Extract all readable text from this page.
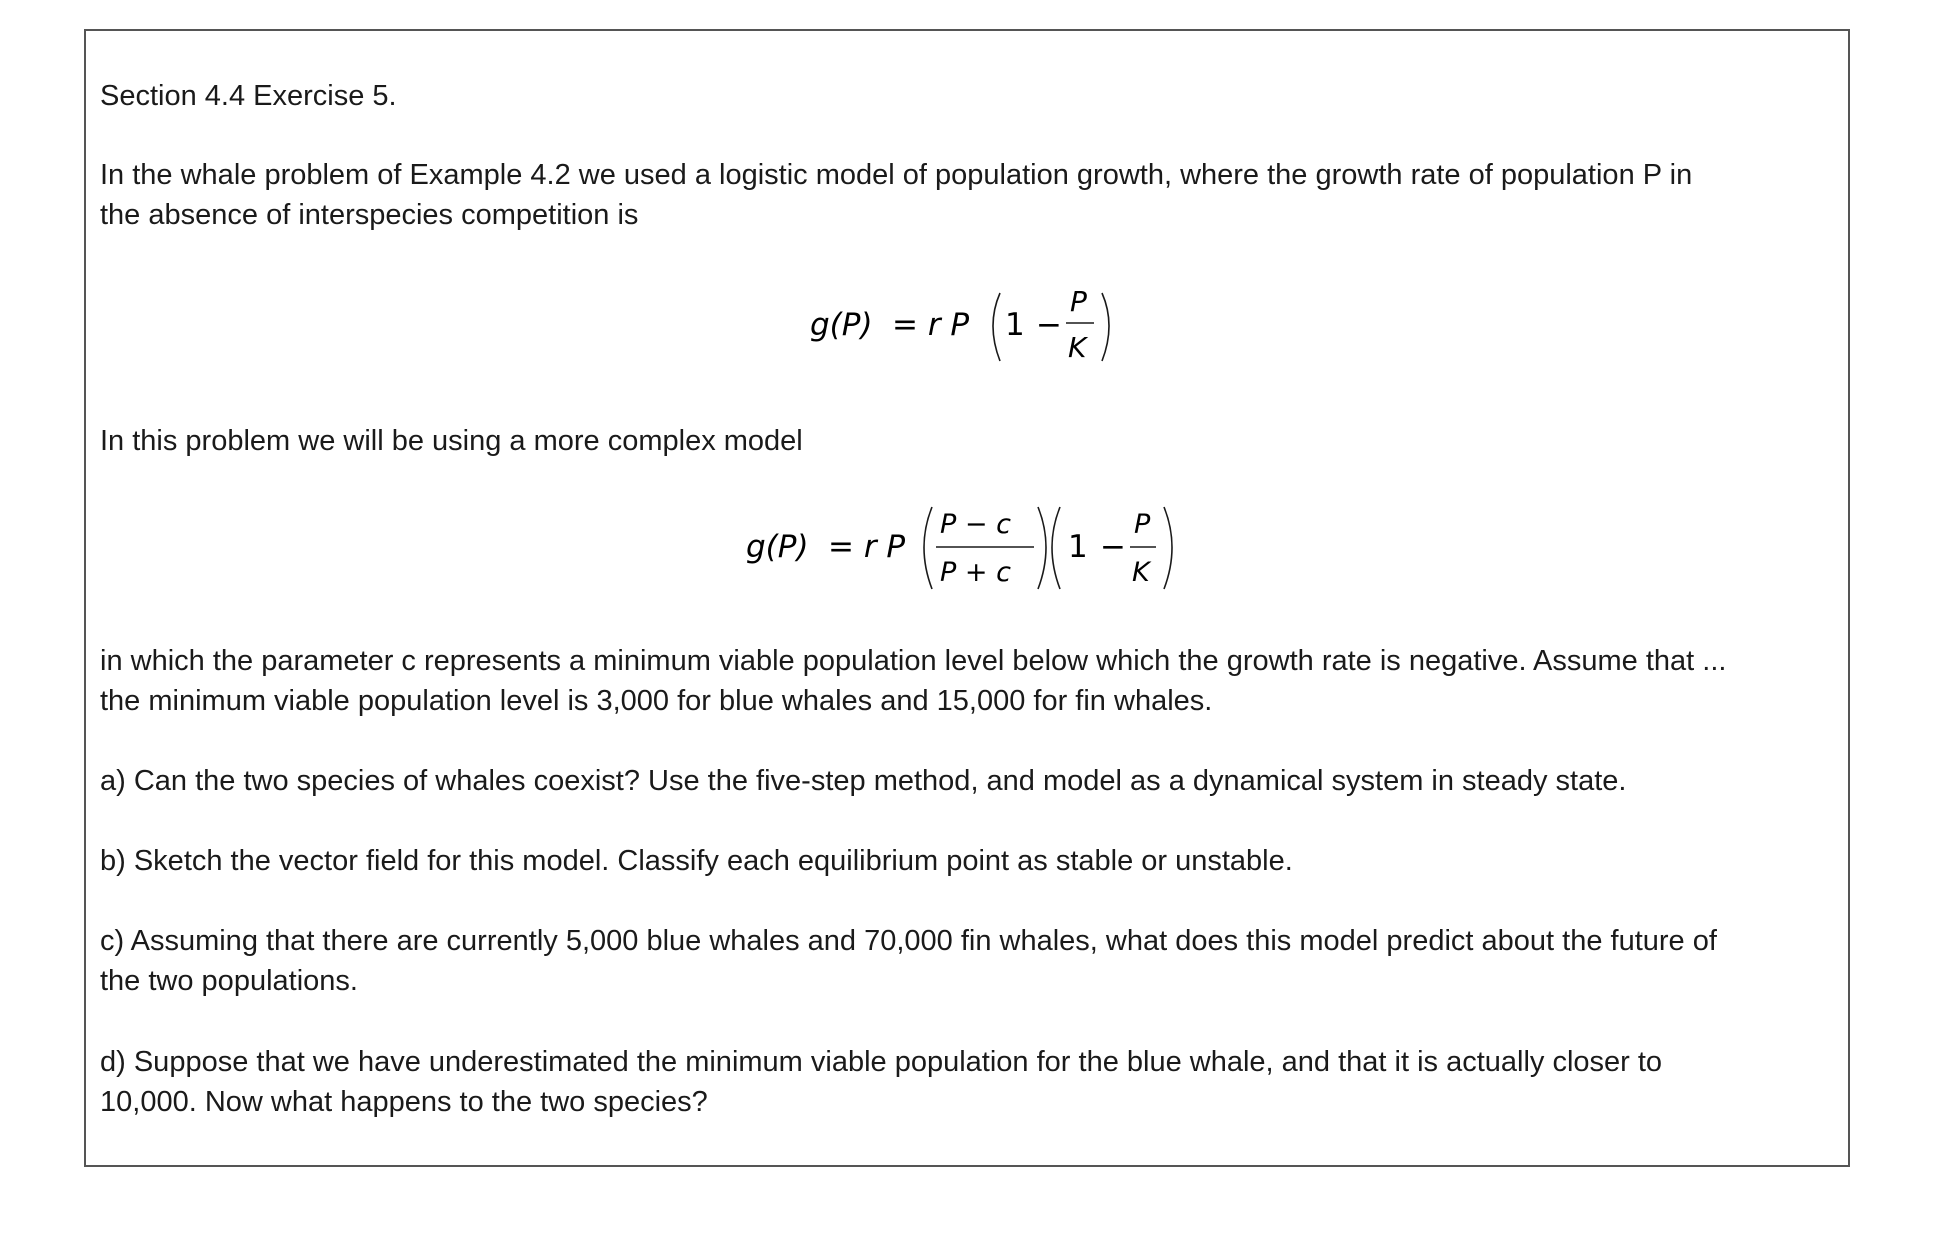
Section 4.4 Exercise 5.
In the whale problem of Example 4.2 we used a logistic model of population growth, where the growth rate of population P in
the absence of interspecies competition is
g(P) = r P 1 −
P
K
In this problem we will be using a more complex model
g(P) = r P
P − c
P + c
1 −
P
K
in which the parameter c represents a minimum viable population level below which the growth rate is negative. Assume that ...
the minimum viable population level is 3,000 for blue whales and 15,000 for fin whales.
a) Can the two species of whales coexist? Use the five-step method, and model as a dynamical system in steady state.
b) Sketch the vector field for this model. Classify each equilibrium point as stable or unstable.
c) Assuming that there are currently 5,000 blue whales and 70,000 fin whales, what does this model predict about the future of
the two populations.
d) Suppose that we have underestimated the minimum viable population for the blue whale, and that it is actually closer to
10,000. Now what happens to the two species?
